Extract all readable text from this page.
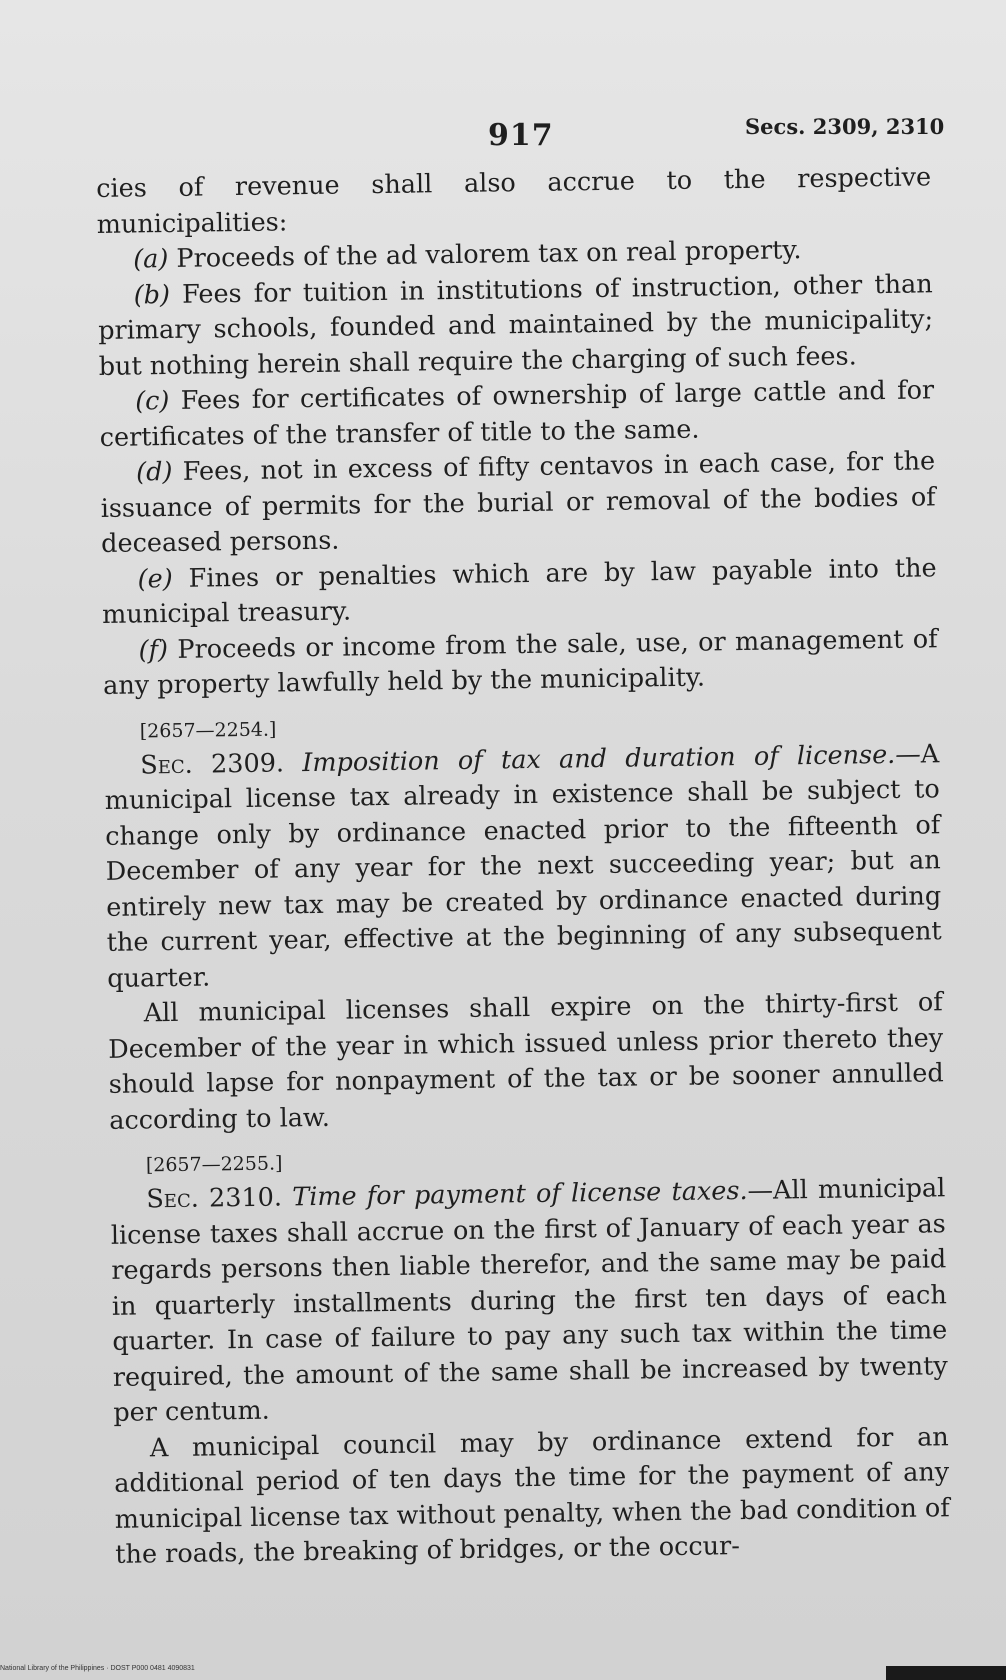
917	Secs. 2309, 2310

cies of revenue shall also accrue to the respective municipalities:

(a) Proceeds of the ad valorem tax on real property.

(b) Fees for tuition in institutions of instruction, other than primary schools, founded and maintained by the municipality; but nothing herein shall require the charging of such fees.

(c) Fees for certificates of ownership of large cattle and for certificates of the transfer of title to the same.

(d) Fees, not in excess of fifty centavos in each case, for the issuance of permits for the burial or removal of the bodies of deceased persons.

(e) Fines or penalties which are by law payable into the municipal treasury.

(f) Proceeds or income from the sale, use, or management of any property lawfully held by the municipality.

[2657—2254.]

Sec. 2309. Imposition of tax and duration of license.—A municipal license tax already in existence shall be subject to change only by ordinance enacted prior to the fifteenth of December of any year for the next succeeding year; but an entirely new tax may be created by ordinance enacted during the current year, effective at the beginning of any subsequent quarter.

All municipal licenses shall expire on the thirty-first of December of the year in which issued unless prior thereto they should lapse for nonpayment of the tax or be sooner annulled according to law.

[2657—2255.]

Sec. 2310. Time for payment of license taxes.—All municipal license taxes shall accrue on the first of January of each year as regards persons then liable therefor, and the same may be paid in quarterly installments during the first ten days of each quarter. In case of failure to pay any such tax within the time required, the amount of the same shall be increased by twenty per centum.

A municipal council may by ordinance extend for an additional period of ten days the time for the payment of any municipal license tax without penalty, when the bad condition of the roads, the breaking of bridges, or the occur-

National Library of the Philippines · DOST P000 0481 4090831
